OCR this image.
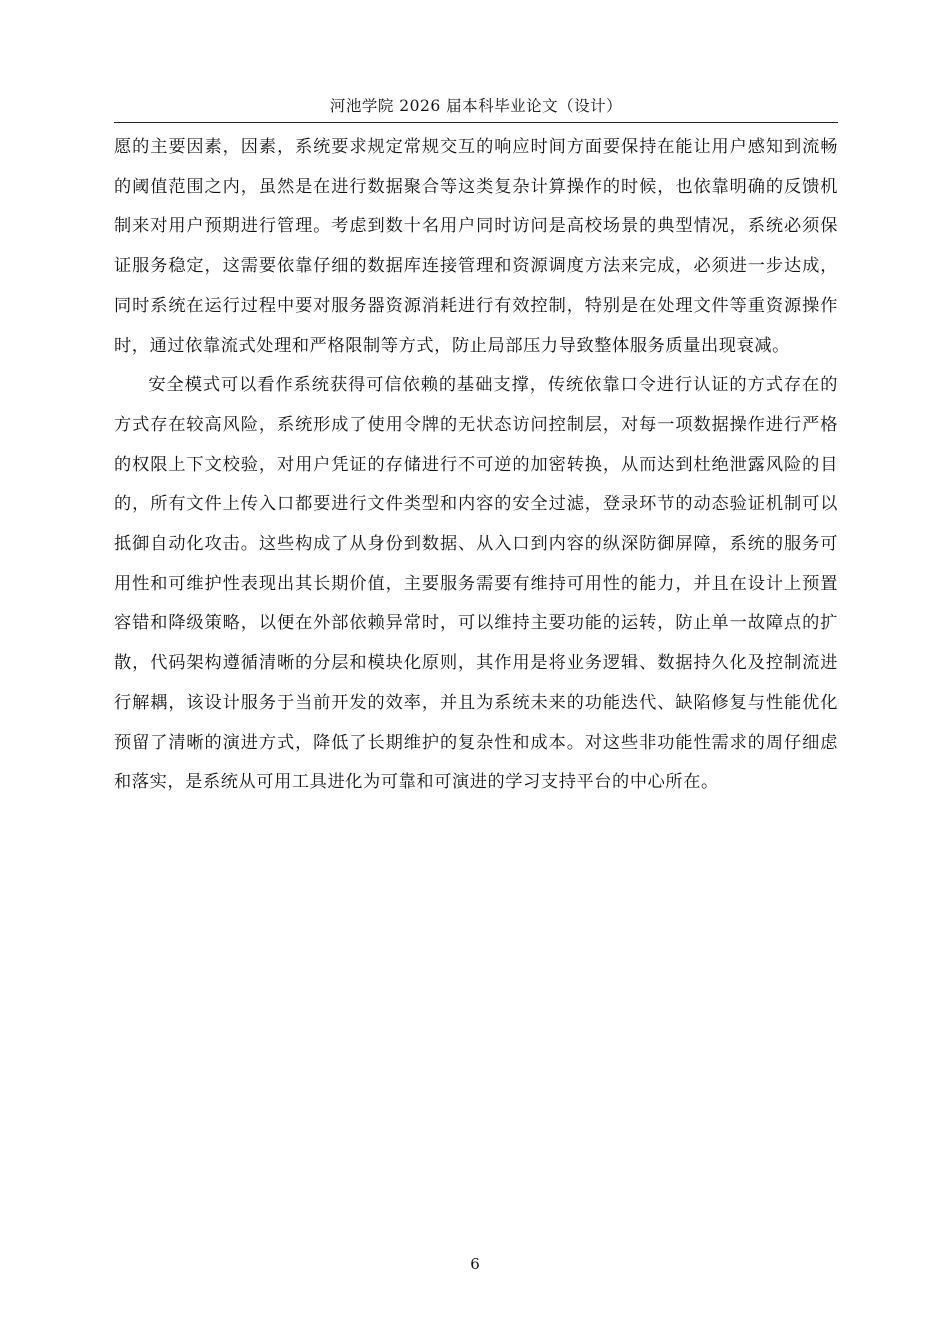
河池学院 2026 届本科毕业论文（设计）

愿的主要因素，因素，系统要求规定常规交互的响应时间方面要保持在能让用户感知到流畅的阈值范围之内，虽然是在进行数据聚合等这类复杂计算操作的时候，也依靠明确的反馈机制来对用户预期进行管理。考虑到数十名用户同时访问是高校场景的典型情况，系统必须保证服务稳定，这需要依靠仔细的数据库连接管理和资源调度方法来完成，必须进一步达成，同时系统在运行过程中要对服务器资源消耗进行有效控制，特别是在处理文件等重资源操作时，通过依靠流式处理和严格限制等方式，防止局部压力导致整体服务质量出现衰减。

安全模式可以看作系统获得可信依赖的基础支撑，传统依靠口令进行认证的方式存在的方式存在较高风险，系统形成了使用令牌的无状态访问控制层，对每一项数据操作进行严格的权限上下文校验，对用户凭证的存储进行不可逆的加密转换，从而达到杜绝泄露风险的目的，所有文件上传入口都要进行文件类型和内容的安全过滤，登录环节的动态验证机制可以抵御自动化攻击。这些构成了从身份到数据、从入口到内容的纵深防御屏障，系统的服务可用性和可维护性表现出其长期价值，主要服务需要有维持可用性的能力，并且在设计上预置容错和降级策略，以便在外部依赖异常时，可以维持主要功能的运转，防止单一故障点的扩散，代码架构遵循清晰的分层和模块化原则，其作用是将业务逻辑、数据持久化及控制流进行解耦，该设计服务于当前开发的效率，并且为系统未来的功能迭代、缺陷修复与性能优化预留了清晰的演进方式，降低了长期维护的复杂性和成本。对这些非功能性需求的周仔细虑和落实，是系统从可用工具进化为可靠和可演进的学习支持平台的中心所在。

6
